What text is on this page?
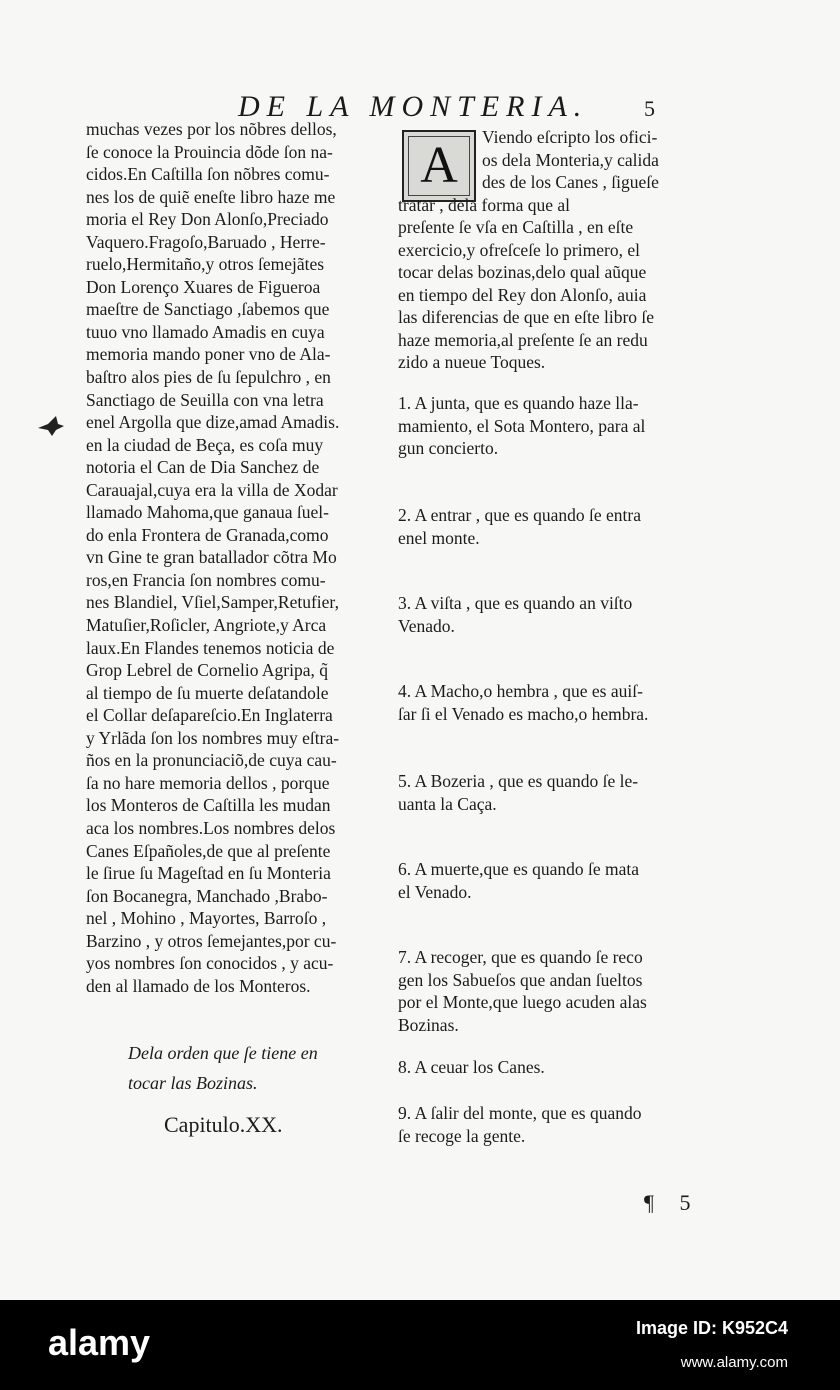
DE LA MONTERIA.	5
muchas vezes por los nõbres dellos,
ſe conoce la Prouincia dõde ſon na-
cidos.En Caſtilla ſon nõbres comu-
nes los de quiẽ eneſte libro haze me
moria el Rey Don Alonſo,Preciado
Vaquero.Fragoſo,Baruado , Herre-
ruelo,Hermitaño,y otros ſemejãtes
Don Lorenço Xuares de Figueroa
maeſtre de Sanctiago ,ſabemos que
tuuo vno llamado Amadis en cuya
memoria mando poner vno de Ala-
baſtro alos pies de ſu ſepulchro , en
Sanctiago de Seuilla con vna letra
enel Argolla que dize,amad Amadis.
en la ciudad de Beça, es coſa muy
notoria el Can de Dia Sanchez de
Carauajal,cuya era la villa de Xodar
llamado Mahoma,que ganaua ſuel-
do enla Frontera de Granada,como
vn Gine te gran batallador cõtra Mo
ros,en Francia ſon nombres comu-
nes Blandiel, Vſiel,Samper,Retufier,
Matuſier,Roſicler, Angriote,y Arca
laux.En Flandes tenemos noticia de
Grop Lebrel de Cornelio Agripa, q̃
al tiempo de ſu muerte deſatandole
el Collar deſapareſcio.En Inglaterra
y Yrlãda ſon los nombres muy eſtra-
ños en la pronunciaciõ,de cuya cau-
ſa no hare memoria dellos , porque
los Monteros de Caſtilla les mudan
aca los nombres.Los nombres delos
Canes Eſpañoles,de que al preſente
le ſirue ſu Mageſtad en ſu Monteria
ſon Bocanegra, Manchado ,Brabo-
nel , Mohino , Mayortes, Barroſo ,
Barzino , y otros ſemejantes,por cu-
yos nombres ſon conocidos , y acu-
den al llamado de los Monteros.
A	Viendo eſcripto los ofici-
os dela Monteria,y calida
des de los Canes , ſigueſe
tratar , dela forma que al
preſente ſe vſa en Caſtilla , en eſte
exercicio,y ofreſceſe lo primero, el
tocar delas bozinas,delo qual aũque
en tiempo del Rey don Alonſo, auia
las diferencias de que en eſte libro ſe
haze memoria,al preſente ſe an redu
zido a nueue Toques.
1. A junta, que es quando haze lla-
mamiento, el Sota Montero, para al
gun concierto.
2. A entrar , que es quando ſe entra
enel monte.
3. A viſta , que es quando an viſto
Venado.
4. A Macho,o hembra , que es auiſ-
ſar ſi el Venado es macho,o hembra.
5. A Bozeria , que es quando ſe le-
uanta la Caça.
6. A muerte,que es quando ſe mata
el Venado.
7. A recoger, que es quando ſe reco
gen los Sabueſos que andan ſueltos
por el Monte,que luego acuden alas
Bozinas.
8. A ceuar los Canes.
9. A ſalir del monte, que es quando
ſe recoge la gente.
Dela orden que ſe tiene en
tocar las Bozinas.
Capitulo.XX.
¶ 5
alamy	Image ID: K952C4
www.alamy.com
